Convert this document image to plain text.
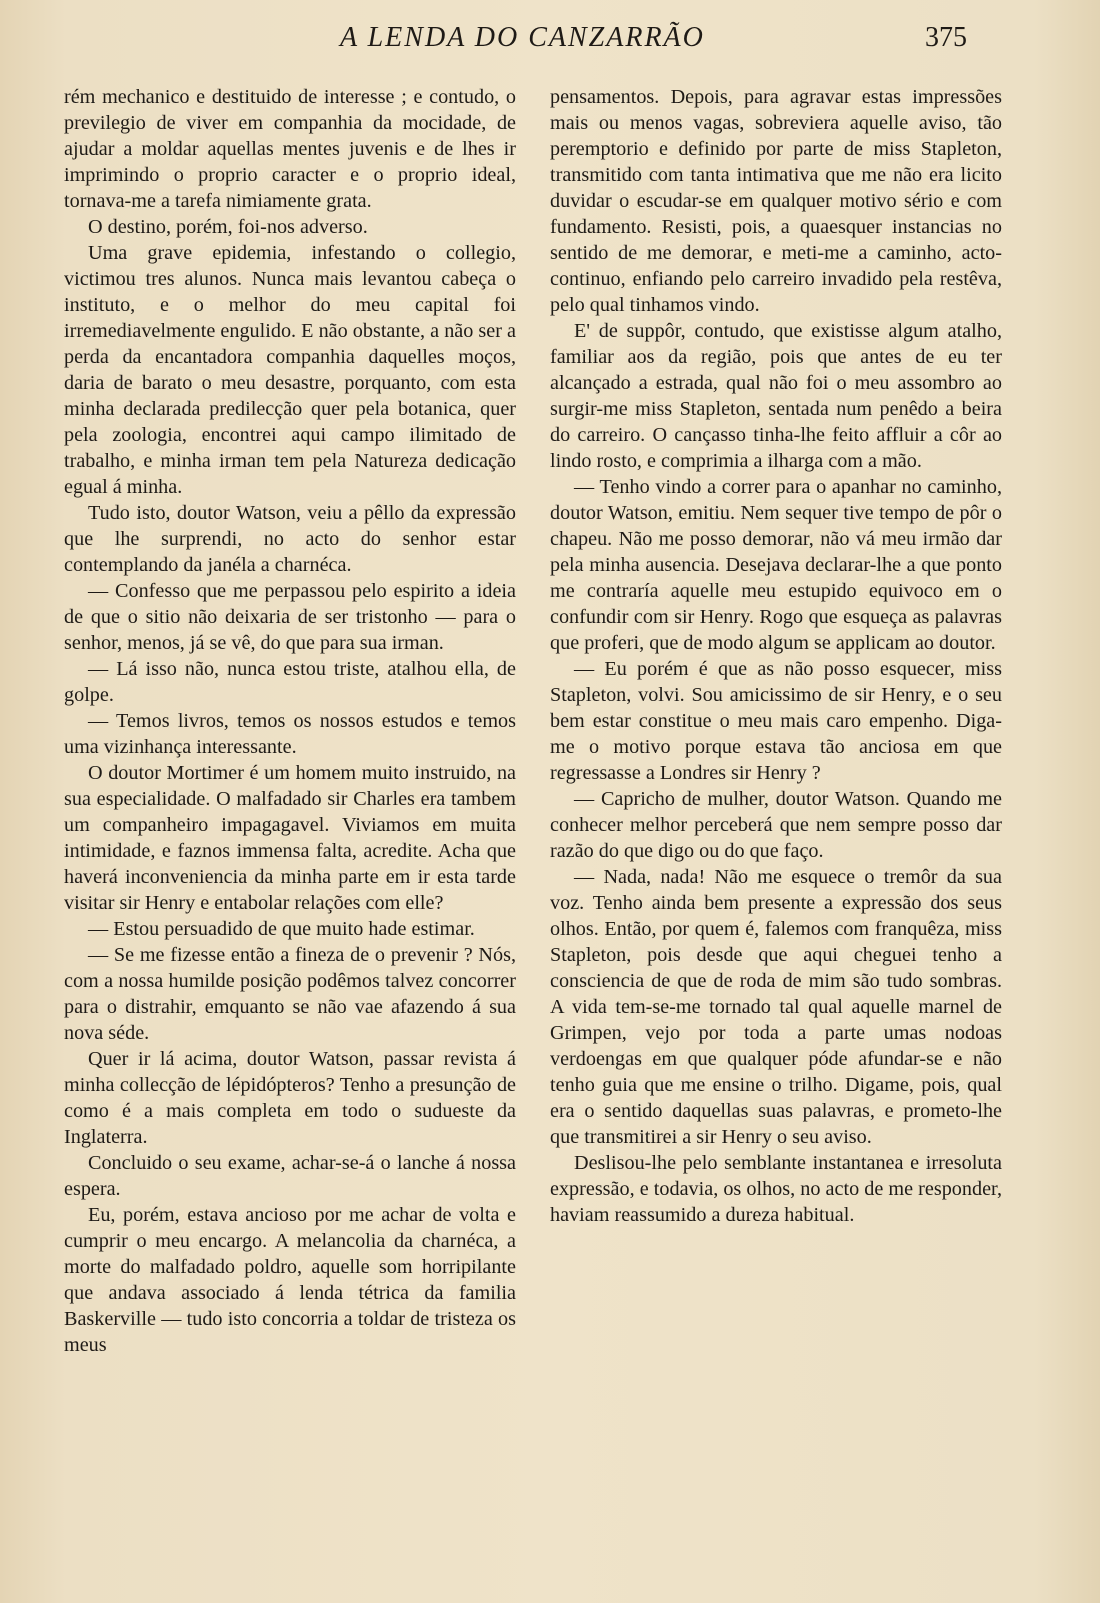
A LENDA DO CANZARRÃO	375

rém mechanico e destituido de interesse ; e contudo, o previlegio de viver em companhia da mocidade, de ajudar a moldar aquellas mentes juvenis e de lhes ir imprimindo o proprio caracter e o proprio ideal, tornava-me a tarefa nimiamente grata.

O destino, porém, foi-nos adverso.

Uma grave epidemia, infestando o collegio, victimou tres alunos. Nunca mais levantou cabeça o instituto, e o melhor do meu capital foi irremediavelmente engulido. E não obstante, a não ser a perda da encantadora companhia daquelles moços, daria de barato o meu desastre, porquanto, com esta minha declarada predilecção quer pela botanica, quer pela zoologia, encontrei aqui campo ilimitado de trabalho, e minha irman tem pela Natureza dedicação egual á minha.

Tudo isto, doutor Watson, veiu a pêllo da expressão que lhe surprendi, no acto do senhor estar contemplando da janéla a charnéca.

— Confesso que me perpassou pelo espirito a ideia de que o sitio não deixaria de ser tristonho — para o senhor, menos, já se vê, do que para sua irman.

— Lá isso não, nunca estou triste, atalhou ella, de golpe.

— Temos livros, temos os nossos estudos e temos uma vizinhança interessante.

O doutor Mortimer é um homem muito instruido, na sua especialidade. O malfadado sir Charles era tambem um companheiro impagagavel. Viviamos em muita intimidade, e faznos immensa falta, acredite. Acha que haverá inconveniencia da minha parte em ir esta tarde visitar sir Henry e entabolar relações com elle?

— Estou persuadido de que muito hade estimar.

— Se me fizesse então a fineza de o prevenir ? Nós, com a nossa humilde posição podêmos talvez concorrer para o distrahir, emquanto se não vae afazendo á sua nova séde.

Quer ir lá acima, doutor Watson, passar revista á minha collecção de lépidópteros? Tenho a presunção de como é a mais completa em todo o sudueste da Inglaterra.

Concluido o seu exame, achar-se-á o lanche á nossa espera.

Eu, porém, estava ancioso por me achar de volta e cumprir o meu encargo. A melancolia da charnéca, a morte do malfadado poldro, aquelle som horripilante que andava associado á lenda tétrica da familia Baskerville — tudo isto concorria a toldar de tristeza os meus

pensamentos. Depois, para agravar estas impressões mais ou menos vagas, sobreviera aquelle aviso, tão peremptorio e definido por parte de miss Stapleton, transmitido com tanta intimativa que me não era licito duvidar o escudar-se em qualquer motivo sério e com fundamento. Resisti, pois, a quaesquer instancias no sentido de me demorar, e meti-me a caminho, acto-continuo, enfiando pelo carreiro invadido pela restêva, pelo qual tinhamos vindo.

E' de suppôr, contudo, que existisse algum atalho, familiar aos da região, pois que antes de eu ter alcançado a estrada, qual não foi o meu assombro ao surgir-me miss Stapleton, sentada num penêdo a beira do carreiro. O cançasso tinha-lhe feito affluir a côr ao lindo rosto, e comprimia a ilharga com a mão.

— Tenho vindo a correr para o apanhar no caminho, doutor Watson, emitiu. Nem sequer tive tempo de pôr o chapeu. Não me posso demorar, não vá meu irmão dar pela minha ausencia. Desejava declarar-lhe a que ponto me contraría aquelle meu estupido equivoco em o confundir com sir Henry. Rogo que esqueça as palavras que proferi, que de modo algum se applicam ao doutor.

— Eu porém é que as não posso esquecer, miss Stapleton, volvi. Sou amicissimo de sir Henry, e o seu bem estar constitue o meu mais caro empenho. Diga-me o motivo porque estava tão anciosa em que regressasse a Londres sir Henry ?

— Capricho de mulher, doutor Watson. Quando me conhecer melhor perceberá que nem sempre posso dar razão do que digo ou do que faço.

— Nada, nada! Não me esquece o tremôr da sua voz. Tenho ainda bem presente a expressão dos seus olhos. Então, por quem é, falemos com franquêza, miss Stapleton, pois desde que aqui cheguei tenho a consciencia de que de roda de mim são tudo sombras. A vida tem-se-me tornado tal qual aquelle marnel de Grimpen, vejo por toda a parte umas nodoas verdoengas em que qualquer póde afundar-se e não tenho guia que me ensine o trilho. Digame, pois, qual era o sentido daquellas suas palavras, e prometo-lhe que transmitirei a sir Henry o seu aviso.

Deslisou-lhe pelo semblante instantanea e irresoluta expressão, e todavia, os olhos, no acto de me responder, haviam reassumido a dureza habitual.
